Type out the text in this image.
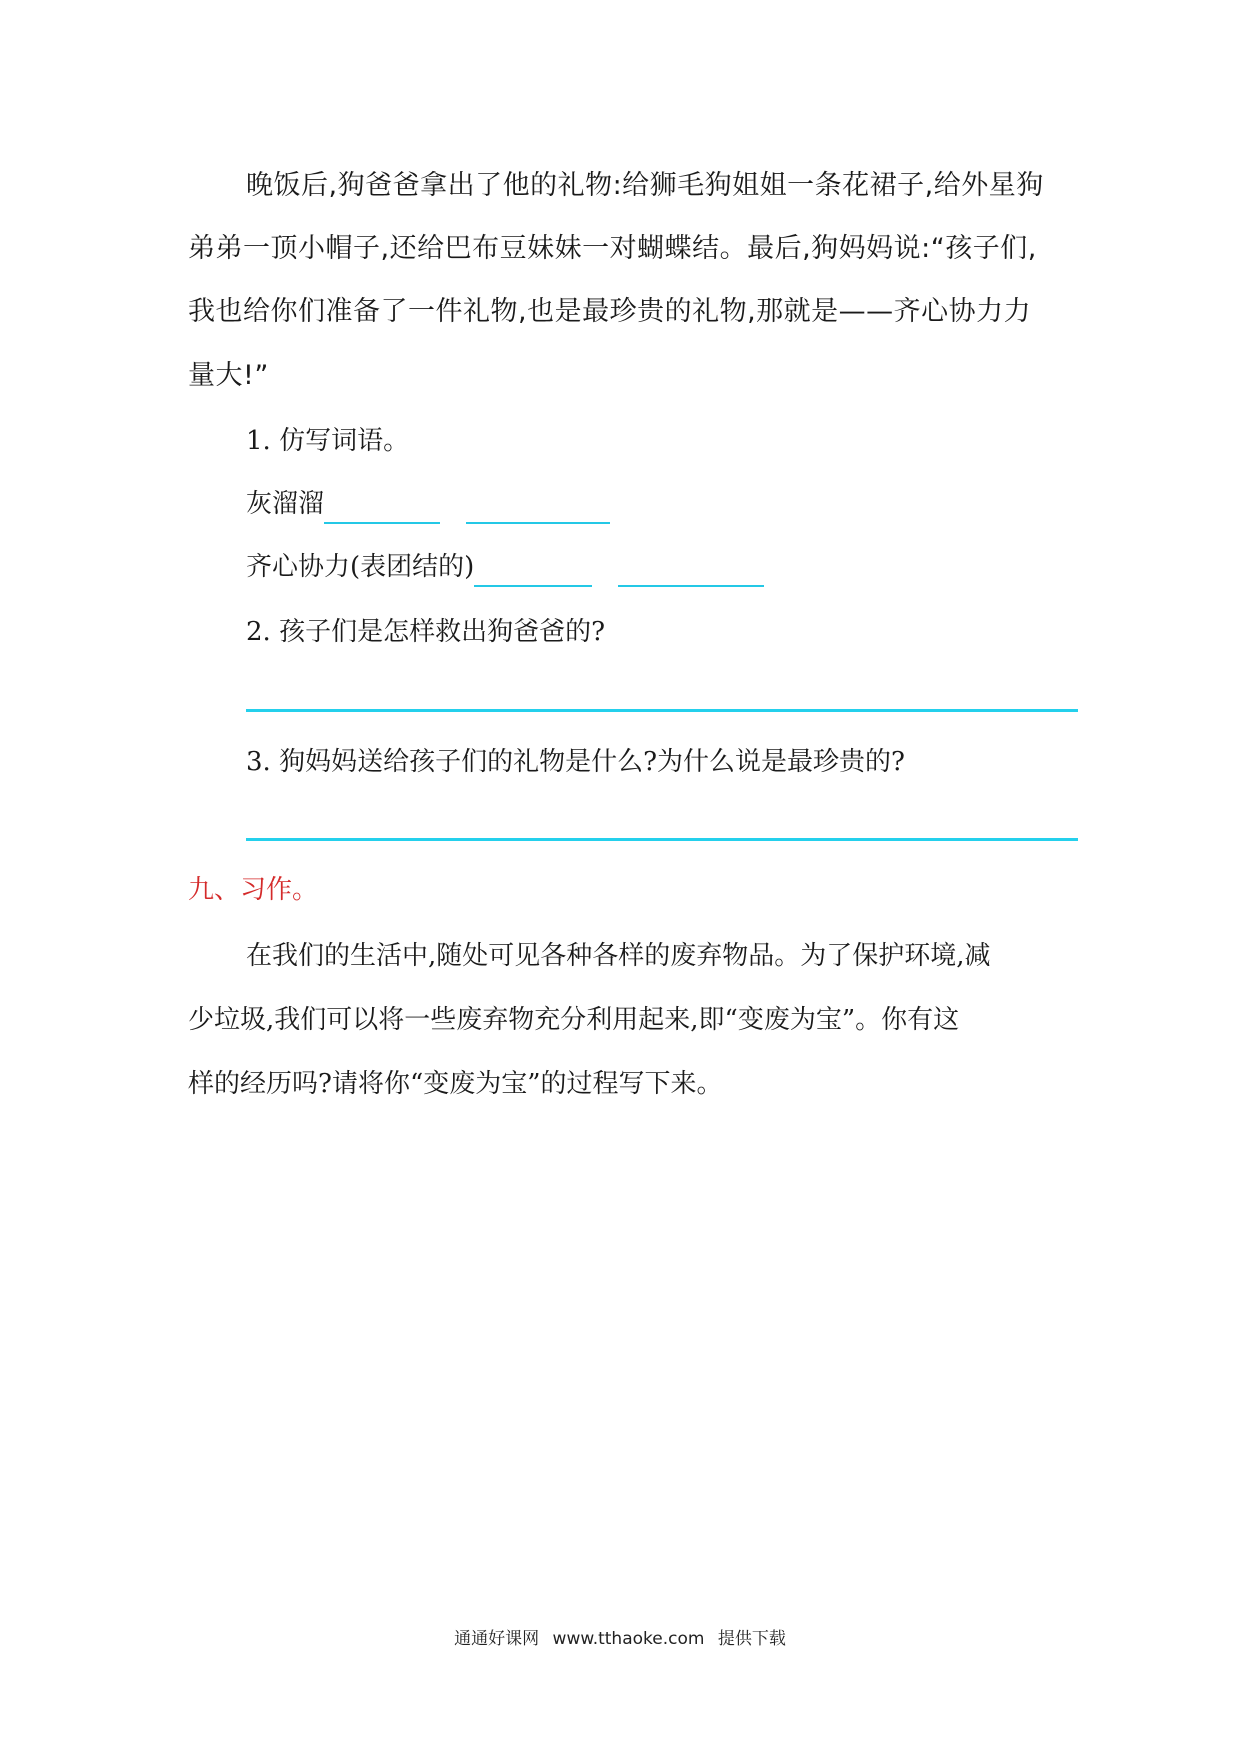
晚饭后,狗爸爸拿出了他的礼物:给狮毛狗姐姐一条花裙子,给外星狗
弟弟一顶小帽子,还给巴布豆妹妹一对蝴蝶结。最后,狗妈妈说:“孩子们,
我也给你们准备了一件礼物,也是最珍贵的礼物,那就是——齐心协力力
量大!”
1. 仿写词语。
灰溜溜
齐心协力(表团结的)
2. 孩子们是怎样救出狗爸爸的?
3. 狗妈妈送给孩子们的礼物是什么?为什么说是最珍贵的?
九、习作。
在我们的生活中,随处可见各种各样的废弃物品。为了保护环境,减
少垃圾,我们可以将一些废弃物充分利用起来,即“变废为宝”。你有这
样的经历吗?请将你“变废为宝”的过程写下来。
通通好课网 www.tthaoke.com 提供下载
